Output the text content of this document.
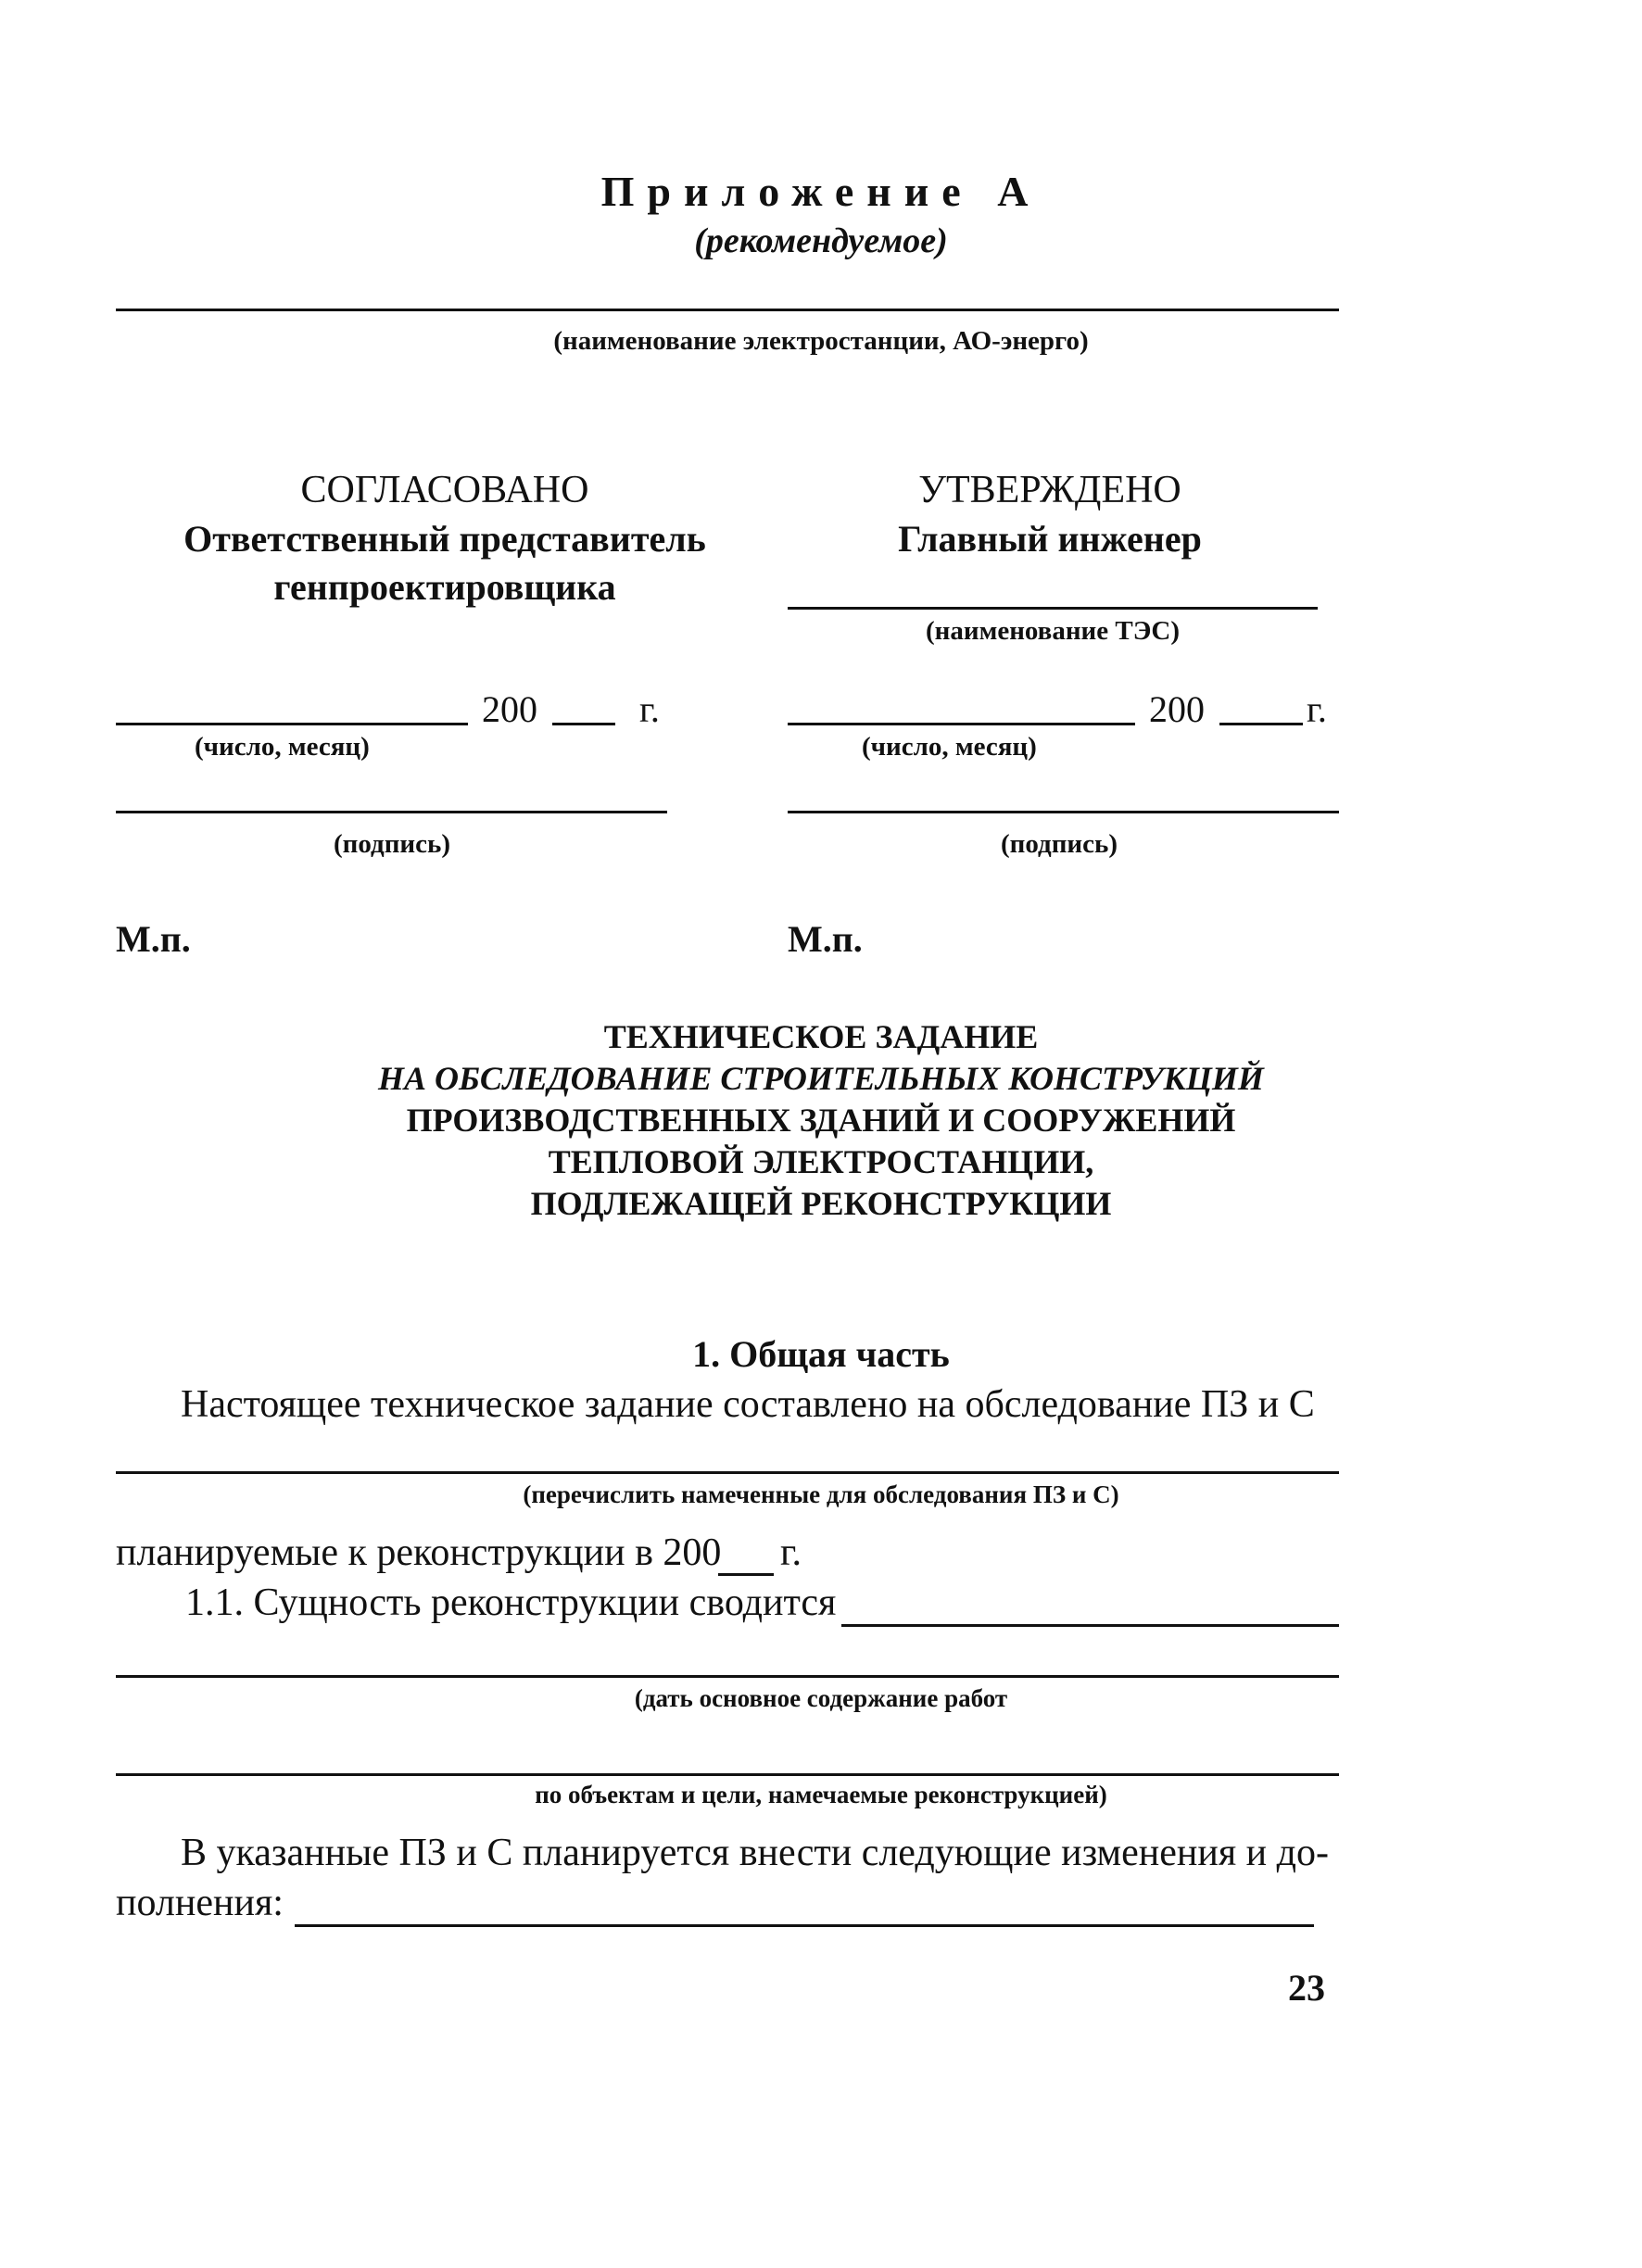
Приложение А
(рекомендуемое)
(наименование электростанции, АО-энерго)
СОГЛАСОВАНО
Ответственный представитель
генпроектировщика
200	г.
(число, месяц)
(подпись)
М.п.
УТВЕРЖДЕНО
Главный инженер
(наименование ТЭС)
200	г.
(число, месяц)
(подпись)
М.п.
ТЕХНИЧЕСКОЕ ЗАДАНИЕ
НА ОБСЛЕДОВАНИЕ СТРОИТЕЛЬНЫХ КОНСТРУКЦИЙ
ПРОИЗВОДСТВЕННЫХ ЗДАНИЙ И СООРУЖЕНИЙ
ТЕПЛОВОЙ ЭЛЕКТРОСТАНЦИИ,
ПОДЛЕЖАЩЕЙ РЕКОНСТРУКЦИИ
1. Общая часть
Настоящее техническое задание составлено на обследование ПЗ и С
(перечислить намеченные для обследования ПЗ и С)
планируемые к реконструкции в 200 г.
1.1. Сущность реконструкции сводится
(дать основное содержание работ
по объектам и цели, намечаемые реконструкцией)
В указанные ПЗ и С планируется внести следующие изменения и до-
полнения:
23
